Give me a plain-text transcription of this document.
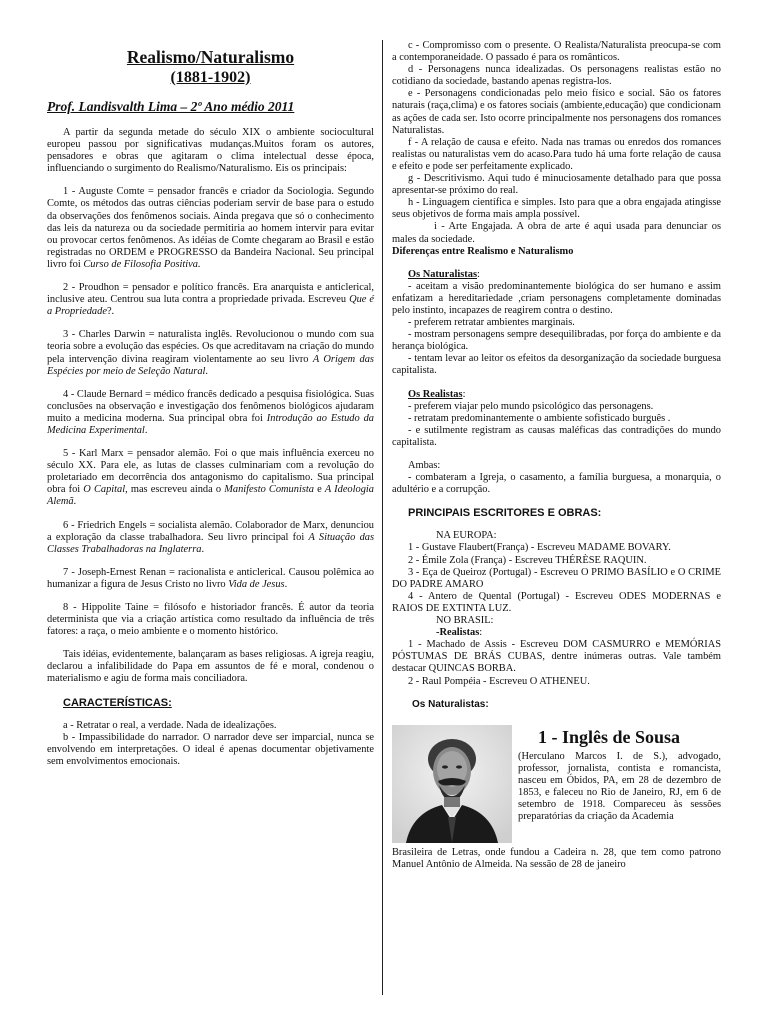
Realismo/Naturalismo

(1881-1902)

Prof. Landisvalth Lima – 2º Ano médio 2011

A partir da segunda metade do século XIX o ambiente sociocultural europeu passou por significativas mudanças.Muitos foram os autores, pensadores e obras que agitaram o clima intelectual desse época, influenciando o surgimento do Realismo/Naturalismo. Eis os principais:

1 - Auguste Comte = pensador francês e criador da Sociologia. Segundo Comte, os métodos das outras ciências poderiam servir de base para o estudo da observações dos fenômenos sociais. Ainda pregava que só o conhecimento das leis da natureza ou da sociedade permitiria ao homem intervir para evitar ou provocar certos fenômenos. As idéias de Comte chegaram ao Brasil e estão registradas no ORDEM e PROGRESSO da Bandeira Nacional. Seu principal livro foi Curso de Filosofia Positiva.

2 - Proudhon = pensador e político francês. Era anarquista e anticlerical, inclusive ateu. Centrou sua luta contra a propriedade privada. Escreveu Que é a Propriedade?.

3 - Charles Darwin = naturalista inglês. Revolucionou o mundo com sua teoria sobre a evolução das espécies. Os que acreditavam na criação do mundo pela intervenção divina reagiram violentamente ao seu livro A Origem das Espécies por meio de Seleção Natural.

4 - Claude Bernard = médico francês dedicado a pesquisa fisiológica. Suas conclusões na observação e investigação dos fenômenos biológicos ajudaram muito a medicina moderna. Sua principal obra foi Introdução ao Estudo da Medicina Experimental.

5 - Karl Marx = pensador alemão. Foi o que mais influência exerceu no século XX. Para ele, as lutas de classes culminariam com a revolução do proletariado em decorrência dos antagonismo do capitalismo. Sua principal obra foi O Capital, mas escreveu ainda o Manifesto Comunista e A Ideologia Alemã.

6 - Friedrich Engels = socialista alemão. Colaborador de Marx, denunciou a exploração da classe trabalhadora. Seu livro principal foi A Situação das Classes Trabalhadoras na Inglaterra.

7 - Joseph-Ernest Renan = racionalista e anticlerical. Causou polêmica ao humanizar a figura de Jesus Cristo no livro Vida de Jesus.

8 - Hippolite Taine = filósofo e historiador francês. É autor da teoria determinista que via a criação artística como resultado da influência de três fatores: a raça, o meio ambiente e o momento histórico.

Tais idéias, evidentemente, balançaram as bases religiosas. A igreja reagiu, declarou a infalibilidade do Papa em assuntos de fé e moral, condenou o materialismo e agiu de forma mais conciliadora.

CARACTERÍSTICAS:

a - Retratar o real, a verdade. Nada de idealizações.

b - Impassibilidade do narrador. O narrador deve ser imparcial, nunca se envolvendo em interpretações. O ideal é apenas documentar objetivamente sem envolvimentos emocionais.

c - Compromisso com o presente. O Realista/Naturalista preocupa-se com a contemporaneidade. O passado é para os românticos.

d - Personagens nunca idealizadas. Os personagens realistas estão no cotidiano da sociedade, bastando apenas registra-los.

e - Personagens condicionadas pelo meio físico e social. São os fatores naturais (raça,clima) e os fatores sociais (ambiente,educação) que condicionam as ações de cada ser. Isto ocorre principalmente nos personagens dos romances Naturalistas.

f - A relação de causa e efeito. Nada nas tramas ou enredos dos romances realistas ou naturalistas vem do acaso.Para tudo há uma forte relação de causa e efeito e pode ser perfeitamente explicado.

g - Descritivismo. Aqui tudo é minuciosamente detalhado para que possa apresentar-se próximo do real.

h - Linguagem científica e simples. Isto para que a obra engajada atingisse seus objetivos de forma mais ampla possível.

i - Arte Engajada. A obra de arte é aqui usada para denunciar os males da sociedade.

Diferenças entre Realismo e Naturalismo

Os Naturalistas:

- aceitam a visão predominantemente biológica do ser humano e assim enfatizam a hereditariedade ,criam personagens completamente dominadas pelo instinto, incapazes de reagirem contra o destino.

- preferem retratar ambientes marginais.

- mostram personagens sempre desequilibradas, por força do ambiente e da herança biológica.

- tentam levar ao leitor os efeitos da desorganização da sociedade burguesa capitalista.

Os Realistas:

- preferem viajar pelo mundo psicológico das personagens.

- retratam predominantemente o ambiente sofisticado burguês .

- e sutilmente registram as causas maléficas das contradições do mundo capitalista.

Ambas:

- combateram a Igreja, o casamento, a família burguesa, a monarquia, o adultério e a corrupção.

PRINCIPAIS ESCRITORES E OBRAS:

NA EUROPA:

1 - Gustave Flaubert(França) - Escreveu MADAME BOVARY.

2 - Émile Zola (França) - Escreveu THÉRÈSE RAQUIN.

3 - Eça de Queiroz (Portugal) - Escreveu O PRIMO BASÍLIO e O CRIME DO PADRE AMARO

4 - Antero de Quental (Portugal) - Escreveu ODES MODERNAS e RAIOS DE EXTINTA LUZ.

NO BRASIL:

-Realistas:

1 - Machado de Assis - Escreveu DOM CASMURRO e MEMÓRIAS PÓSTUMAS DE BRÁS CUBAS, dentre inúmeras outras. Vale também destacar QUINCAS BORBA.

2 - Raul Pompéia - Escreveu O ATHENEU.

Os Naturalistas:

1 - Inglês de Sousa

(Herculano Marcos I. de S.), advogado, professor, jornalista, contista e romancista, nasceu em Óbidos, PA, em 28 de dezembro de 1853, e faleceu no Rio de Janeiro, RJ, em 6 de setembro de 1918. Compareceu às sessões preparatórias da criação da Academia

Brasileira de Letras, onde fundou a Cadeira n. 28, que tem como patrono Manuel Antônio de Almeida. Na sessão de 28 de janeiro
